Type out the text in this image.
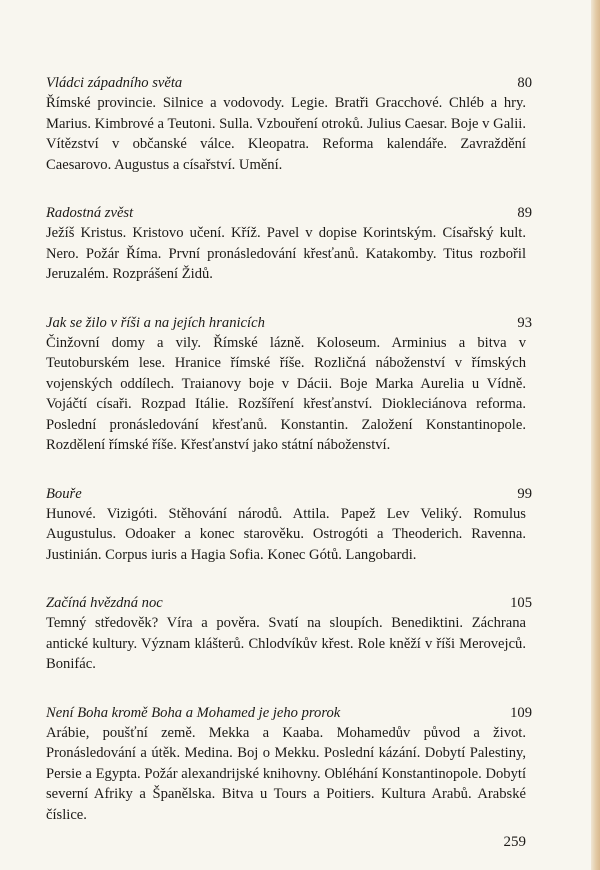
Vládci západního světa	80

Římské provincie. Silnice a vodovody. Legie. Bratři Gracchové. Chléb a hry. Marius. Kimbrové a Teutoni. Sulla. Vzbouření otroků. Julius Caesar. Boje v Galii. Vítězství v občanské válce. Kleopatra. Reforma kalendáře. Zavraždění Caesarovo. Augustus a císařství. Umění.

Radostná zvěst	89

Ježíš Kristus. Kristovo učení. Kříž. Pavel v dopise Korintským. Císařský kult. Nero. Požár Říma. První pronásledování křesťanů. Katakomby. Titus rozbořil Jeruzalém. Rozprášení Židů.

Jak se žilo v říši a na jejích hranicích	93

Činžovní domy a vily. Římské lázně. Koloseum. Arminius a bitva v Teutoburském lese. Hranice římské říše. Rozličná náboženství v římských vojenských oddílech. Traianovy boje v Dácii. Boje Marka Aurelia u Vídně. Vojáčtí císaři. Rozpad Itálie. Rozšíření křesťanství. Diokleciánova reforma. Poslední pronásledování křesťanů. Konstantin. Založení Konstantinopole. Rozdělení římské říše. Křesťanství jako státní náboženství.

Bouře	99

Hunové. Vizigóti. Stěhování národů. Attila. Papež Lev Veliký. Romulus Augustulus. Odoaker a konec starověku. Ostrogóti a Theoderich. Ravenna. Justinián. Corpus iuris a Hagia Sofia. Konec Gótů. Langobardi.

Začíná hvězdná noc	105

Temný středověk? Víra a pověra. Svatí na sloupích. Benediktini. Záchrana antické kultury. Význam klášterů. Chlodvíkův křest. Role kněží v říši Merovejců. Bonifác.

Není Boha kromě Boha a Mohamed je jeho prorok	109

Arábie, poušťní země. Mekka a Kaaba. Mohamedův původ a život. Pronásledování a útěk. Medina. Boj o Mekku. Poslední kázání. Dobytí Palestiny, Persie a Egypta. Požár alexandrijské knihovny. Obléhání Konstantinopole. Dobytí severní Afriky a Španělska. Bitva u Tours a Poitiers. Kultura Arabů. Arabské číslice.

259
